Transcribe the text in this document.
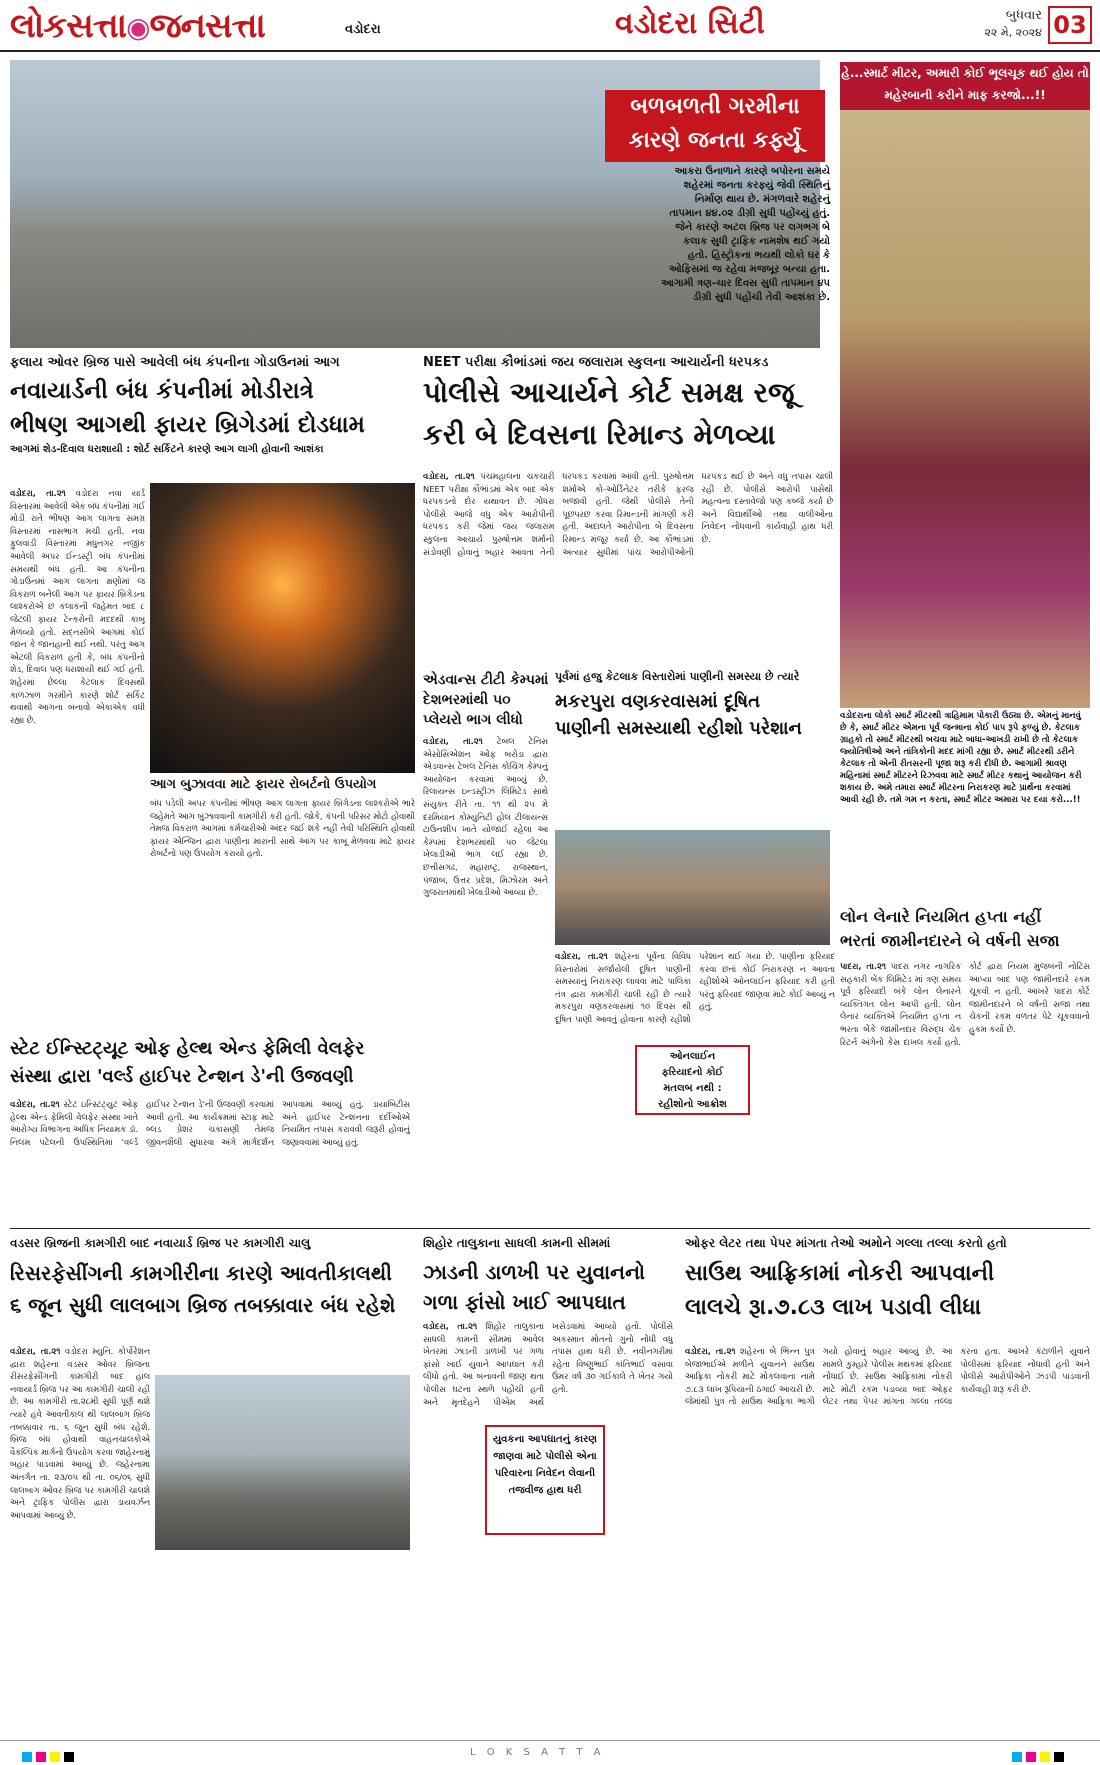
લોકસત્તા◉જનસત્તા	વડોદરા	વડોદરા સિટી	બુધવાર
૨૨ મે, ૨૦૨૪ 03
બળબળતી ગરમીના
કારણે જનતા કર્ફ્યૂ
આકરા ઉનાળાને કારણે બપોરના સમયે શહેરમાં જનતા કરફ્યું જેવી સ્થિતિનું નિર્માણ થાય છે. મંગળવારે શહેરનું તાપમાન ૪૪.૦૨ ડીગ્રી સુધી પહોંચ્યું હતું. જેને કારણે અટલ બ્રિજ પર લગભગ બે કલાક સુધી ટ્રાફિક નામશેષ થઈ ગયો હતો. હિસ્ટ્રોકના ભયથી લોકો ઘર કે ઓફિસમાં જ રહેવા મજબૂર બન્યા હતા. આગામી ત્રણ-ચાર દિવસ સુધી તાપમાન ૪૫ ડીગ્રી સુધી પહોંચી તેવી આશંકા છે.
હે...સ્માર્ટ મીટર, અમારી કોઈ ભૂલચૂક થઈ હોય તો મહેરબાની કરીને માફ કરજો...!!
વડોદરાના લોકો સ્માર્ટ મીટરથી ત્રાહિમામ પોકારી ઉઠ્યા છે. એમનું માનવું છે કે, સ્માર્ટ મીટર એમના પૂર્વ જન્માના કોઈ પાપ રૂપે ફળ્યું છે. કેટલાક ગ્રાહકો તો સ્માર્ટ મીટરથી બચવા માટે બાધા-આખડી રાખી છે તો કેટલાક જ્યોતિષીઓ અને તાંત્રિકોની મદદ માંગી રહ્યા છે. સ્માર્ટ મીટરથી ડરીને કેટલાક તો એની રીતસરની પૂજા શરૂ કરી દીધી છે. આગામી શ્રાવણ મહિનામાં સ્માર્ટ મીટરને રિઝવવા માટે સ્માર્ટ મીટર કથાનું આયોજન કરી શકાય છે. અમે તમારા સ્માર્ટ મીટરના નિરાકરણ માટે પ્રાર્થના કરવામાં આવી રહી છે. તમે ગમ ન કરતા, સ્માર્ટ મીટર અમારા પર દયા કરો...!!
ફલાય ઓવર બ્રિજ પાસે આવેલી બંધ કંપનીના ગોડાઉનમાં આગ
નવાયાર્ડની બંધ કંપનીમાં મોડીરાત્રે
ભીષણ આગથી ફાયર બ્રિગેડમાં દોડધામ
આગમાં શેડ-દિવાલ ધરાશાયી : શોર્ટ સર્કિટને કારણે આગ લાગી હોવાની આશંકા
વડોદરા, તા.૨૧ વડોદરા નવા યાર્ડ વિસ્તારમાં આવેલી એક બંધ કંપનીમાં ગઈ મોડી રાતે ભીષણ આગ લાગતા સમગ્ર વિસ્તારમાં નાસભાગ મચી હતી. નવા ફુલવાડી વિસ્તારમાં મધુનગર નજીક આવેલી અપર ઈન્ડસ્ટ્રી બંધ કંપનીમાં સમયથી બંધ હતી. આ કંપનીના ગોડાઉનમાં આગ લાગતા ક્ષણોમાં જ વિકરાળ બનેલી આગ પર ફાયર બ્રિગેડના લાશ્કરોએ છ કલાકની જહેમત બાદ ૮ જેટલી ફાયર ટેન્કરોની મદદથી કાબૂ મેળવ્યો હતો. સદ્નસીબે આગમાં કોઈ જાન કે જાનહાની થઈ નથી. પરંતુ આગ એટલી વિકરાળ હતી કે, બંધ કંપનીનો શેડ, દિવાલ પણ ધરાશાયી થઈ ગઈ હતી. શહેરમાં છેલ્લા કેટલાક દિવસથી કાળઝાળ ગરમીને કારણે શોર્ટ સર્કિટ થવાથી આગના બનાવો એકાએક વધી રહ્યા છે.
આગ બુઝાવવા માટે ફાયર રોબર્ટનો ઉપયોગ
બંધ પડેલી અપર કંપનીમાં ભીષણ આગ લાગતા ફાયર બ્રિગેડના લાશ્કરોએ ભારે જહેમતે આગ બુઝાવવાની કામગીરી કરી હતી. જોકે, કંપની પરિસર મોટો હોવાથી તેમજ વિકરાળ આગમાં કર્મચારીઓ અંદર જઈ શકે નહીં તેવી પરિસ્થિતિ હોવાથી ફાયર એન્જિન દ્વારા પાણીના મારાની સાથે આગ પર કાબૂ મેળવવા માટે ફાયર રોબર્ટનો પણ ઉપયોગ કરાયો હતો.
NEET પરીક્ષા કૌભાંડમાં જય જલારામ સ્કુલના આચાર્યની ધરપકડ
પોલીસે આચાર્યને કોર્ટ સમક્ષ રજૂ
કરી બે દિવસના રિમાન્ડ મેળવ્યા
વડોદરા, તા.૨૧ પંચમહાલના ચકચારી NEET પરીક્ષા કૌભાંડમાં એક બાદ એક ધરપકડનો દોર યથાવત છે. ગોધરા પોલીસે આજે વધુ એક આરોપીની ધરપકડ કરી જેમાં જય જલારામ સ્કુલના આચાર્ય પુરુષોત્તમ શર્માની સંડોવણી હોવાનું બહાર આવતા તેની ધરપકડ કરવામાં આવી હતી. પુરુષોત્તમ શર્માએ કો-ઓર્ડિનેટર તરીકે ફરજ બજાવી હતી. જેથી પોલીસે તેની પૂછપરછ કરવા રિમાન્ડની માંગણી કરી હતી. અદાલતે આરોપીના બે દિવસના રિમાન્ડ મંજૂર કર્યા છે. આ કૌભાંડમાં અત્યાર સુધીમાં પાંચ આરોપીઓની ધરપકડ થઈ છે અને વધુ તપાસ ચાલી રહી છે. પોલીસે આરોપી પાસેથી મહત્વના દસ્તાવેજો પણ કબ્જે કર્યા છે અને વિદ્યાર્થીઓ તથા વાલીઓના નિવેદન નોંધવાની કાર્યવાહી હાથ ધરી છે.
એડવાન્સ ટીટી કેમ્પમાં
દેશભરમાંથી ૫૦
પ્લેયરો ભાગ લીધો
વડોદરા, તા.૨૧ ટેબલ ટેનિસ એસોસિએશન ઓફ બરોડા દ્વારા એડવાન્સ ટેબલ ટેનિસ કોચિંગ કેમ્પનું આયોજન કરવામાં આવ્યું છે. રિલાયન્સ ઇન્ડસ્ટ્રીઝ લિમિટેડ સાથે સંયુક્ત રીતે તા. ૧૧ થી ૨૫ મે દરમિયાન કોમ્યુનિટી હોલ ટીલાયન્સ ટાઉનશીપ ખાતે યોજાઈ રહેલા આ કેમ્પમાં દેશભરમાંથી ૫૦ જેટલા ખેલાડીઓ ભાગ લઈ રહ્યા છે. છત્તીસગઢ, મહારાષ્ટ્ર, રાજસ્થાન, પંજાબ, ઉત્તર પ્રદેશ, મિઝોરમ અને ગુજરાતમાંથી ખેલાડીઓ આવ્યા છે.
પૂર્વમાં હજુ કેટલાક વિસ્તારોમાં પાણીની સમસ્યા છે ત્યારે
મકરપુરા વણકરવાસમાં દૂષિત
પાણીની સમસ્યાથી રહીશો પરેશાન
વડોદરા, તા.૨૧ શહેરના પૂર્વના વિવિધ વિસ્તારોમાં સર્જાયેલી દૂષિત પાણીની સમસ્યાનું નિરાકરણ લાવવા માટે પાલિકા તંત્ર દ્વારા કામગીરી ચાલી રહી છે ત્યારે મકરપુરા વણકરવાસમાં ૧૦ દિવસ થી દૂષિત પાણી આવતું હોવાના કારણે રહીશો પરેશાન થઈ ગયા છે. પાણીના ફરિયાદ કરવા છતાં કોઈ નિરાકરણ ન આવતા રહીશોએ ઓનલાઈન ફરિયાદ કરી હતી પરંતુ ફરિયાદ જાણવા માટે કોઈ આવ્યું ન હતું.
લોન લેનારે નિયમિત હપ્તા નહીં
ભરતાં જામીનદારને બે વર્ષની સજા
પાદરા, તા.૨૧ પાદરા નગર નાગરિક સહકારી બેંક લિમિટેડ માં ત્રણ સમય પૂર્વ ફરિયાદી બંકે લોન લેનારને વ્યક્તિગત લોન આપી હતી. લોન લેનાર વ્યક્તિએ નિયમિત હપ્તા ન ભરતા બેંકે જામીનદાર વિરુદ્ધ ચેક રિટર્ન અંગેનો કેસ દાખલ કર્યો હતો. કોર્ટ દ્વારા નિયમ મુજબની નોટિસ આપ્યા બાદ પણ જામીનદારે રકમ ચૂકવી ન હતી. આખરે પાદરા કોર્ટે જામીનદારને બે વર્ષની સજા તથા ચેકની રકમ વળતર પેટે ચૂકવવાનો હુકમ કર્યો છે.
સ્ટેટ ઈન્સ્ટિટ્યૂટ ઓફ હેલ્થ એન્ડ ફેમિલી વેલફેર
સંસ્થા દ્વારા 'વર્લ્ડ હાઈપર ટેન્શન ડે'ની ઉજવણી
વડોદરા, તા.૨૧ સ્ટેટ ઇન્સ્ટિટ્યુટ ઓફ હેલ્થ એન્ડ ફેમિલી વેલફેર સંસ્થા ખાતે આરોગ્ય વિભાગના અધિક નિયામક ડૉ. નિલમ પટેલની ઉપસ્થિતિમાં 'વર્લ્ડ હાઈપર ટેન્શન ડે'ની ઉજવણી કરવામાં આવી હતી. આ કાર્યક્રમમાં સ્ટાફ માટે બ્લડ પ્રેશર ચકાસણી તેમજ જીવનશૈલી સુધારવા અંગે માર્ગદર્શન આપવામાં આવ્યું હતું. ડાયાબિટીસ અને હાઈપર ટેન્શનના દર્દીઓએ નિયમિત તપાસ કરાવવી જરૂરી હોવાનું જણાવવામાં આવ્યું હતું.
ઓનલાઈન
ફરિયાદનો કોઈ
મતલબ નથી :
રહીશોનો આક્રોશ
વડસર બ્રિજની કામગીરી બાદ નવાયાર્ડ બ્રિજ પર કામગીરી ચાલુ
રિસરફેસીંગની કામગીરીના કારણે આવતીકાલથી
૬ જૂન સુધી લાલબાગ બ્રિજ તબક્કાવાર બંધ રહેશે
વડોદરા, તા.૨૧ વડોદરા મ્યુનિ. કોર્પોરેશન દ્વારા શહેરના વડસર ઓવર બ્રિજના રીસરફેસીંગની કામગીરી બાદ હાલ નવાયાર્ડ બ્રિજ પર આ કામગીરી ચાલી રહી છે. આ કામગીરી તા.૨૮મી સુધી પૂર્ણ થશે ત્યારે હવે આવતીકાલ થી લાલબાગ બ્રિજ તબક્કાવાર તા. ૬ જૂન સુધી બંધ રહેશે. બ્રિજ બંધ હોવાથી વાહનચાલકોએ વૈકલ્પિક માર્ગનો ઉપયોગ કરવા જાહેરનામું બહાર પાડવામાં આવ્યું છે. જહેરનામા અંતર્ગત તા. ૨૩/૦૫ થી તા. ૦૬/૦૬ સુધી લાલબાગ ઓવર બ્રિજ પર કામગીરી ચાલશે અને ટ્રાફિક પોલીસ દ્વારા ડાયવર્ઝન આપવામાં આવ્યું છે.
શિહોર તાલુકાના સાધલી કામની સીમમાં
ઝાડની ડાળખી પર યુવાનનો
ગળા ફાંસો ખાઈ આપઘાત
યુવકના આપઘાતનું કારણ જાણવા માટે પોલીસે એના પરિવારના નિવેદન લેવાની તજવીજ હાથ ધરી
વડોદરા, તા.૨૧ શિહોર તાલુકાના સાધલી કામની સીમમાં આવેલ ખેતરમાં ઝાડની ડાળખી પર ગળા ફાંસો ખાઈ યુવાને આપઘાત કરી લીધો હતો. આ બનાવની જાણ થતા પોલીસ ઘટના સ્થળે પહોંચી હતી અને મૃતદેહને પીએમ અર્થે ખસેડવામાં આવ્યો હતો. પોલીસે અકસ્માત મોતનો ગુનો નોંધી વધુ તપાસ હાથ ધરી છે. નવીનગરીમાં રહેતા વિષ્ણુભાઈ કાંતિભાઈ વસાવા ઉંમર વર્ષ ૩૦ ગઈકાલે તે ખેતર ગયો હતો.
ઓફર લેટર તથા પેપર માંગતા તેઓ અમોને ગલ્લા તલ્લા કરતો હતો
સાઉથ આફ્રિકામાં નોકરી આપવાની
લાલચે રૂા.૭.૮૩ લાખ પડાવી લીધા
વડોદરા, તા.૨૧ શહેરના બે ભિન્ન પુત્ર બેજાભાઈએ મળીને યુવાનને સાઉથ આફ્રિકા નોકરી માટે મોકલવાના નામે ૭.૮૩ લાખ રૂપિયાની ઠગાઈ આચરી છે. જેમાંથી પુત્ર તો સાઉથ આફ્રિકા ભાગી ગયો હોવાનું બહાર આવ્યું છે. આ મામલે કુમ્હારે પોલીસ મથકમાં ફરિયાદ નોંધાઈ છે. સાઉથ આફ્રિકામાં નોકરી માટે મોટી રકમ પડાવ્યા બાદ ઓફર લેટર તથા પેપર માંગતા ગલ્લા તલ્લા કરતા હતા. આખરે કંટાળીને યુવાને પોલીસમાં ફરિયાદ નોંધાવી હતી અને પોલીસે આરોપીઓને ઝડપી પાડવાની કાર્યવાહી શરૂ કરી છે.
L O K S A T T A
